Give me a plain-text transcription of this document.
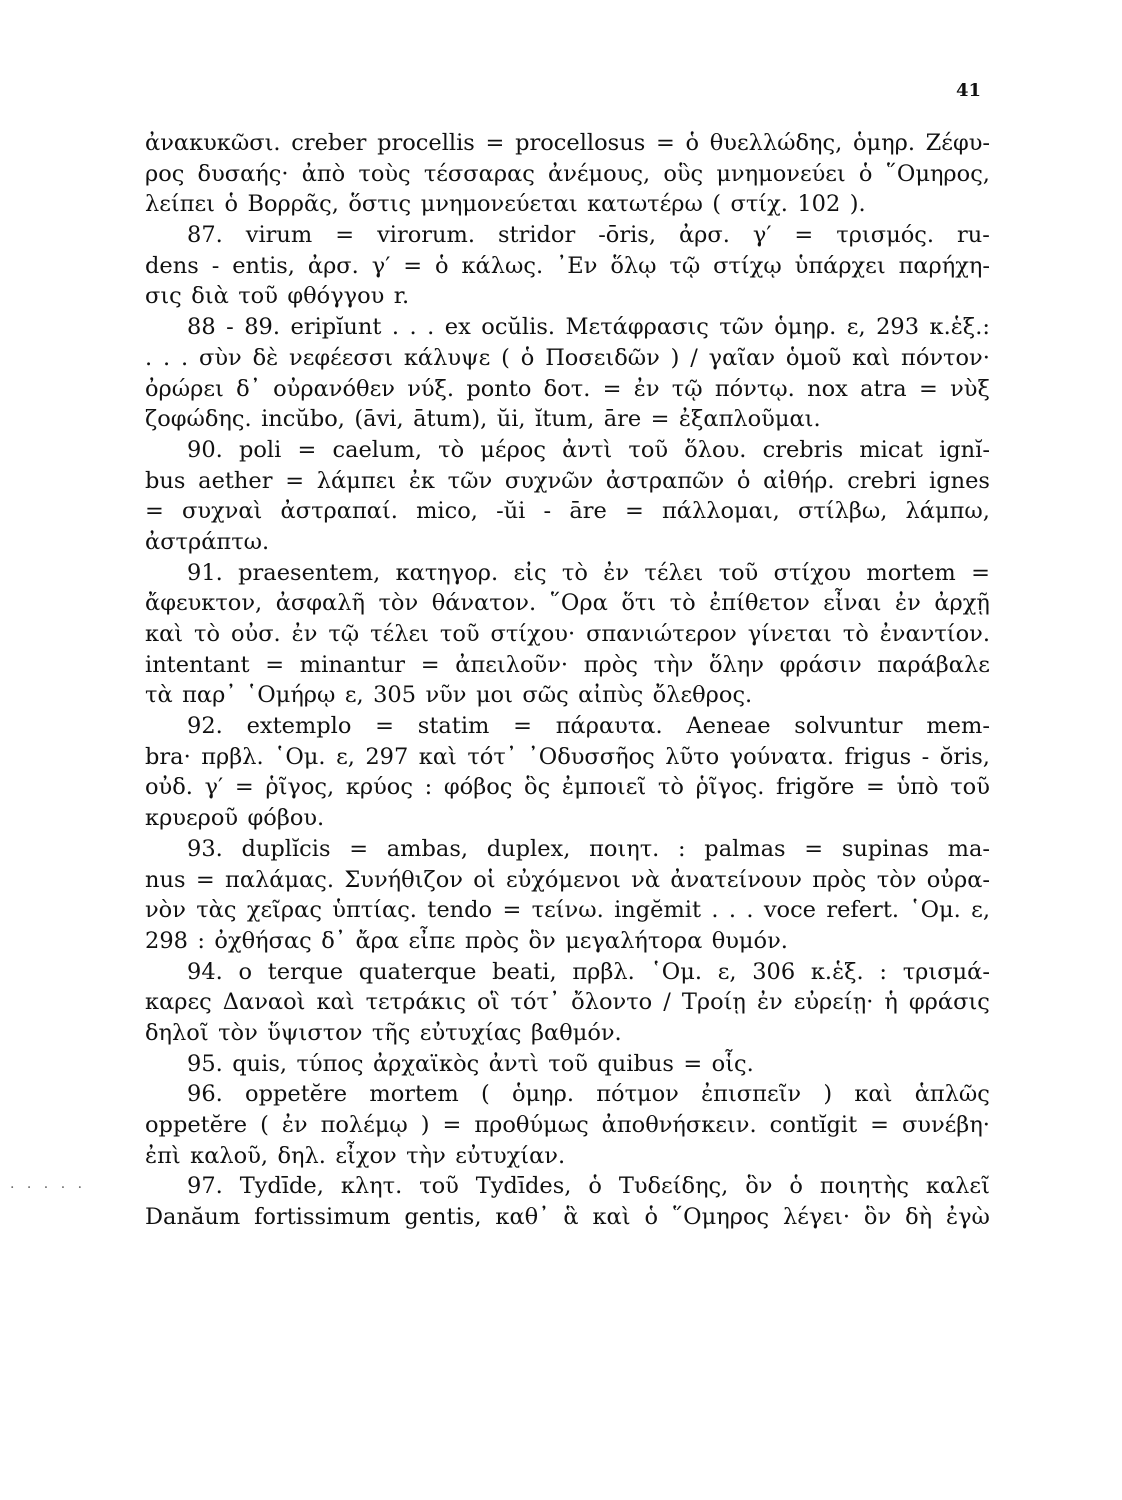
41
· · · · ·
ἀνακυκῶσι. creber procellis = procellosus = ὁ θυελλώδης, ὁμηρ. Ζέφυ-
ρος δυσαής· ἀπὸ τοὺς τέσσαρας ἀνέμους, οὓς μνημονεύει ὁ ῞Ομηρος,
λείπει ὁ Βορρᾶς, ὅστις μνημονεύεται κατωτέρω ( στίχ. 102 ).
87. virum = virorum. stridor -ōris, ἀρσ. γ′ = τρισμός. ru-
dens - entis, ἀρσ. γ′ = ὁ κάλως. ᾿Εν ὅλῳ τῷ στίχῳ ὑπάρχει παρήχη-
σις διὰ τοῦ φθόγγου r.
88 - 89. eripĭunt . . . ex ocŭlis. Μετάφρασις τῶν ὁμηρ. ε, 293 κ.ἑξ.:
. . . σὺν δὲ νεφέεσσι κάλυψε ( ὁ Ποσειδῶν ) / γαῖαν ὁμοῦ καὶ πόντον·
ὀρώρει δ᾽ οὐρανόθεν νύξ. ponto δοτ. = ἐν τῷ πόντῳ. nox atra = νὺξ
ζοφώδης. incŭbo, (āvi, ātum), ŭi, ĭtum, āre = ἐξαπλοῦμαι.
90. poli = caelum, τὸ μέρος ἀντὶ τοῦ ὅλου. crebris micat ignĭ-
bus aether = λάμπει ἐκ τῶν συχνῶν ἀστραπῶν ὁ αἰθήρ. crebri ignes
= συχναὶ ἀστραπαί. mico, -ŭi - āre = πάλλομαι, στίλβω, λάμπω,
ἀστράπτω.
91. praesentem, κατηγορ. εἰς τὸ ἐν τέλει τοῦ στίχου mortem =
ἄφευκτον, ἀσφαλῆ τὸν θάνατον. ῞Ορα ὅτι τὸ ἐπίθετον εἶναι ἐν ἀρχῇ
καὶ τὸ οὐσ. ἐν τῷ τέλει τοῦ στίχου· σπανιώτερον γίνεται τὸ ἐναντίον.
intentant = minantur = ἀπειλοῦν· πρὸς τὴν ὅλην φράσιν παράβαλε
τὰ παρ᾽ ῾Ομήρῳ ε, 305 νῦν μοι σῶς αἰπὺς ὄλεθρος.
92. extemplo = statim = πάραυτα. Aeneae solvuntur mem-
bra· πρβλ. ῾Ομ. ε, 297 καὶ τότ᾽ ᾿Οδυσσῆος λῦτο γούνατα. frigus - ŏris,
οὐδ. γ′ = ῥῖγος, κρύος : φόβος ὃς ἐμποιεῖ τὸ ῥῖγος. frigŏre = ὑπὸ τοῦ
κρυεροῦ φόβου.
93. duplĭcis = ambas, duplex, ποιητ. : palmas = supinas ma-
nus = παλάμας. Συνήθιζον οἱ εὐχόμενοι νὰ ἀνατείνουν πρὸς τὸν οὐρα-
νὸν τὰς χεῖρας ὑπτίας. tendo = τείνω. ingĕmit . . . voce refert. ῾Ομ. ε,
298 : ὀχθήσας δ᾽ ἄρα εἶπε πρὸς ὃν μεγαλήτορα θυμόν.
94. o terque quaterque beati, πρβλ. ῾Ομ. ε, 306 κ.ἑξ. : τρισμά-
καρες Δαναοὶ καὶ τετράκις οἳ τότ᾽ ὄλοντο / Τροίῃ ἐν εὐρείῃ· ἡ φράσις
δηλοῖ τὸν ὕψιστον τῆς εὐτυχίας βαθμόν.
95. quis, τύπος ἀρχαϊκὸς ἀντὶ τοῦ quibus = οἷς.
96. oppetĕre mortem ( ὁμηρ. πότμον ἐπισπεῖν ) καὶ ἁπλῶς
oppetĕre ( ἐν πολέμῳ ) = προθύμως ἀποθνήσκειν. contĭgit = συνέβη·
ἐπὶ καλοῦ, δηλ. εἶχον τὴν εὐτυχίαν.
97. Tydīde, κλητ. τοῦ Tydīdes, ὁ Τυδείδης, ὃν ὁ ποιητὴς καλεῖ
Danăum fortissimum gentis, καθ᾽ ἃ καὶ ὁ ῞Ομηρος λέγει· ὃν δὴ ἐγὼ
